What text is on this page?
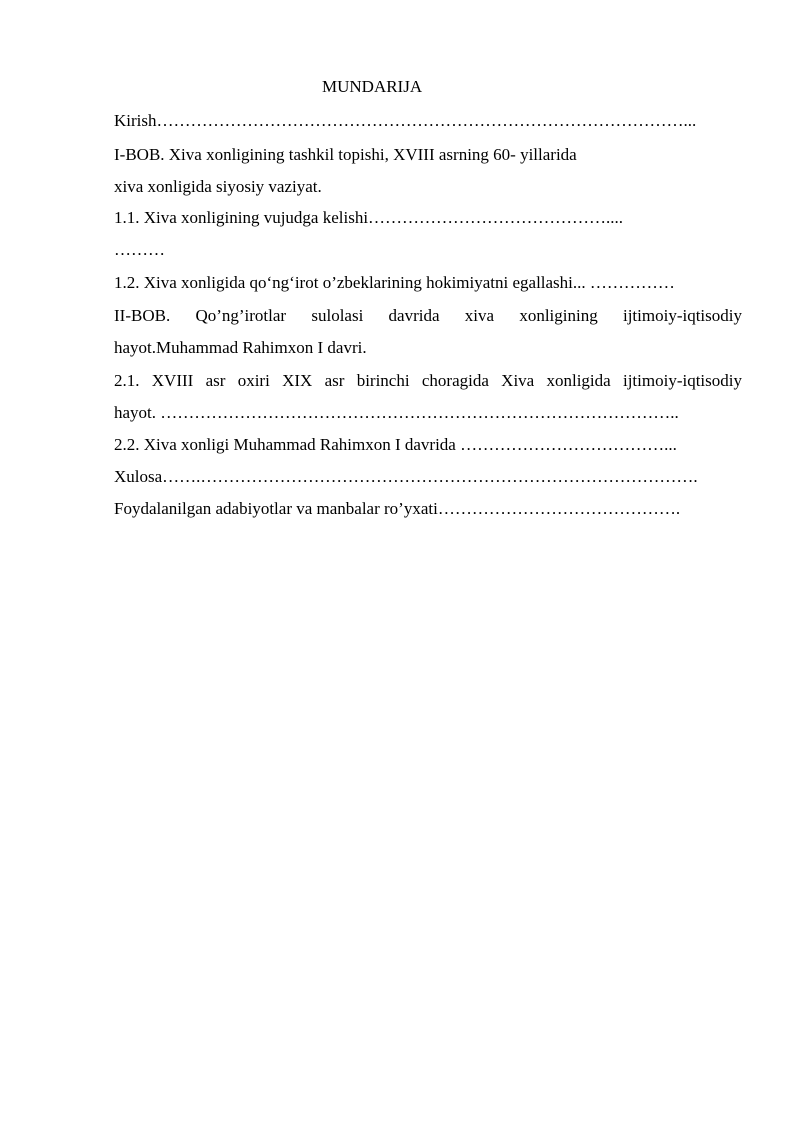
MUNDARIJA
Kirish…………………………………………………………………………………...
I-BOB. Xiva xonligining tashkil topishi, XVIII asrning 60- yillarida
xiva xonligida siyosiy vaziyat.
1.1. Xiva xonligining vujudga kelishi……………………………………....
………
1.2. Xiva xonligida qo‘ng‘irot o’zbeklarining hokimiyatni egallashi... ……………
II-BOB. Qo’ng’irotlar sulolasi davrida xiva xonligining ijtimoiy-iqtisodiy
hayot.Muhammad Rahimxon I davri.
2.1. XVIII asr oxiri XIX asr birinchi choragida Xiva xonligida ijtimoiy-iqtisodiy
hayot. ………………………………………………………………………………..
2.2. Xiva xonligi Muhammad Rahimxon I davrida ………………………………...
Xulosa…….…………………………………………………………………………….
Foydalanilgan adabiyotlar va manbalar ro’yxati…………………………………….
